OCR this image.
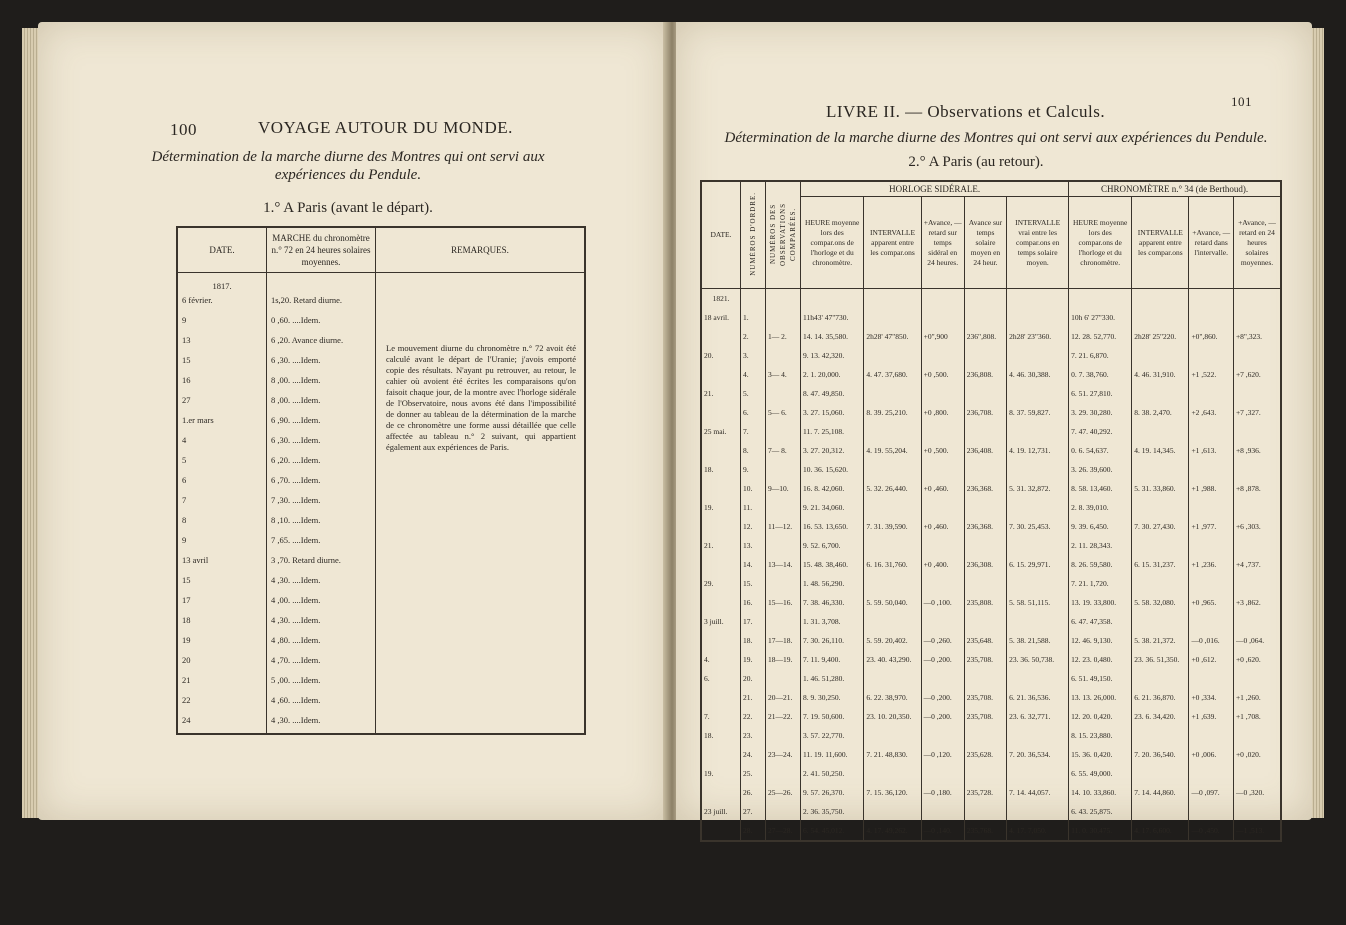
100	VOYAGE AUTOUR DU MONDE.
Détermination de la marche diurne des Montres qui ont servi aux expériences du Pendule.
1.° A Paris (avant le départ).
DATE.	MARCHE du chronomètre n.° 72 en 24 heures solaires moyennes.	REMARQUES.
1817.		Le mouvement diurne du chronomètre n.° 72 avoit été calculé avant le départ de l'Uranie; j'avois emporté copie des résultats. N'ayant pu retrouver, au retour, le cahier où avoient été écrites les comparaisons qu'on faisoit chaque jour, de la montre avec l'horloge sidérale de l'Observatoire, nous avons été dans l'impossibilité de donner au tableau de la détermination de la marche de ce chronomètre une forme aussi détaillée que celle affectée au tableau n.° 2 suivant, qui appartient également aux expériences de Paris.
6 février.	1s,20. Retard diurne.	
9	0 ,60. ....Idem.	
13	6 ,20. Avance diurne.	
15	6 ,30. ....Idem.	
16	8 ,00. ....Idem.	
27	8 ,00. ....Idem.	
1.er mars	6 ,90. ....Idem.	
4	6 ,30. ....Idem.	
5	6 ,20. ....Idem.	
6	6 ,70. ....Idem.	
7	7 ,30. ....Idem.	
8	8 ,10. ....Idem.	
9	7 ,65. ....Idem.	
13 avril	3 ,70. Retard diurne.	
15	4 ,30. ....Idem.	
17	4 ,00. ....Idem.	
18	4 ,30. ....Idem.	
19	4 ,80. ....Idem.	
20	4 ,70. ....Idem.	
21	5 ,00. ....Idem.	
22	4 ,60. ....Idem.	
24	4 ,30. ....Idem.	
LIVRE II. — Observations et Calculs.
101
Détermination de la marche diurne des Montres qui ont servi aux expériences du Pendule.
2.° A Paris (au retour).
DATE.	NUMÉROS D'ORDRE.	NUMÉROS DES OBSERVATIONS COMPARÉES.	HORLOGE SIDÉRALE.					CHRONOMÈTRE n.° 34 (de Berthoud).			
			HEURE moyenne lors des compar.ons de l'horloge et du chronomètre.	INTERVALLE apparent entre les compar.ons	+Avance, — retard sur temps sidéral en 24 heures.	Avance sur temps solaire moyen en 24 heur.	INTERVALLE vrai entre les compar.ons en temps solaire moyen.	HEURE moyenne lors des compar.ons de l'horloge et du chronomètre.	INTERVALLE apparent entre les compar.ons	+Avance, — retard dans l'intervalle.	+Avance, — retard en 24 heures solaires moyennes.
1821.											
18 avril.	1.		11h43' 47"730.					10h 6' 27"330.			
	2.	1— 2.	14. 14. 35,580.	2h28' 47"850.	+0",900	236",808.	2h28' 23"360.	12. 28. 52,770.	2h28' 25"220.	+0",860.	+8",323.
20.	3.		9. 13. 42,320.					7. 21. 6,870.			
	4.	3— 4.	2. 1. 20,000.	4. 47. 37,680.	+0 ,500.	236,808.	4. 46. 30,388.	0. 7. 38,760.	4. 46. 31,910.	+1 ,522.	+7 ,620.
21.	5.		8. 47. 49,850.					6. 51. 27,810.			
	6.	5— 6.	3. 27. 15,060.	8. 39. 25,210.	+0 ,800.	236,708.	8. 37. 59,827.	3. 29. 30,280.	8. 38. 2,470.	+2 ,643.	+7 ,327.
25 mai.	7.		11. 7. 25,108.					7. 47. 40,292.			
	8.	7— 8.	3. 27. 20,312.	4. 19. 55,204.	+0 ,500.	236,408.	4. 19. 12,731.	0. 6. 54,637.	4. 19. 14,345.	+1 ,613.	+8 ,936.
18.	9.		10. 36. 15,620.					3. 26. 39,600.			
	10.	9—10.	16. 8. 42,060.	5. 32. 26,440.	+0 ,460.	236,368.	5. 31. 32,872.	8. 58. 13,460.	5. 31. 33,860.	+1 ,988.	+8 ,878.
19.	11.		9. 21. 34,060.					2. 8. 39,010.			
	12.	11—12.	16. 53. 13,650.	7. 31. 39,590.	+0 ,460.	236,368.	7. 30. 25,453.	9. 39. 6,450.	7. 30. 27,430.	+1 ,977.	+6 ,303.
21.	13.		9. 52. 6,700.					2. 11. 28,343.			
	14.	13—14.	15. 48. 38,460.	6. 16. 31,760.	+0 ,400.	236,308.	6. 15. 29,971.	8. 26. 59,580.	6. 15. 31,237.	+1 ,236.	+4 ,737.
29.	15.		1. 48. 56,290.					7. 21. 1,720.			
	16.	15—16.	7. 38. 46,330.	5. 59. 50,040.	—0 ,100.	235,808.	5. 58. 51,115.	13. 19. 33,800.	5. 58. 32,080.	+0 ,965.	+3 ,862.
3 juill.	17.		1. 31. 3,708.					6. 47. 47,358.			
	18.	17—18.	7. 30. 26,110.	5. 59. 20,402.	—0 ,260.	235,648.	5. 38. 21,588.	12. 46. 9,130.	5. 38. 21,372.	—0 ,016.	—0 ,064.
4.	19.	18—19.	7. 11. 9,400.	23. 40. 43,290.	—0 ,200.	235,708.	23. 36. 50,738.	12. 23. 0,480.	23. 36. 51,350.	+0 ,612.	+0 ,620.
6.	20.		1. 46. 51,280.					6. 51. 49,150.			
	21.	20—21.	8. 9. 30,250.	6. 22. 38,970.	—0 ,200.	235,708.	6. 21. 36,536.	13. 13. 26,000.	6. 21. 36,870.	+0 ,334.	+1 ,260.
7.	22.	21—22.	7. 19. 50,600.	23. 10. 20,350.	—0 ,200.	235,708.	23. 6. 32,771.	12. 20. 0,420.	23. 6. 34,420.	+1 ,639.	+1 ,708.
18.	23.		3. 57. 22,770.					8. 15. 23,880.			
	24.	23—24.	11. 19. 11,600.	7. 21. 48,830.	—0 ,120.	235,628.	7. 20. 36,534.	15. 36. 0,420.	7. 20. 36,540.	+0 ,006.	+0 ,020.
19.	25.		2. 41. 50,250.					6. 55. 49,000.			
	26.	25—26.	9. 57. 26,370.	7. 15. 36,120.	—0 ,180.	235,728.	7. 14. 44,057.	14. 10. 33,860.	7. 14. 44,860.	—0 ,097.	—0 ,320.
23 juill.	27.		2. 36. 35,750.					6. 43. 25,875.			
	28.	27—28.	6. 54. 45,012.	4. 17. 49,262.	—0 ,140.	235,768.	4. 17. 7,050.	11. 0. 30,475.	4. 17. 6,600.	—0 ,450.	—1 ,513.
